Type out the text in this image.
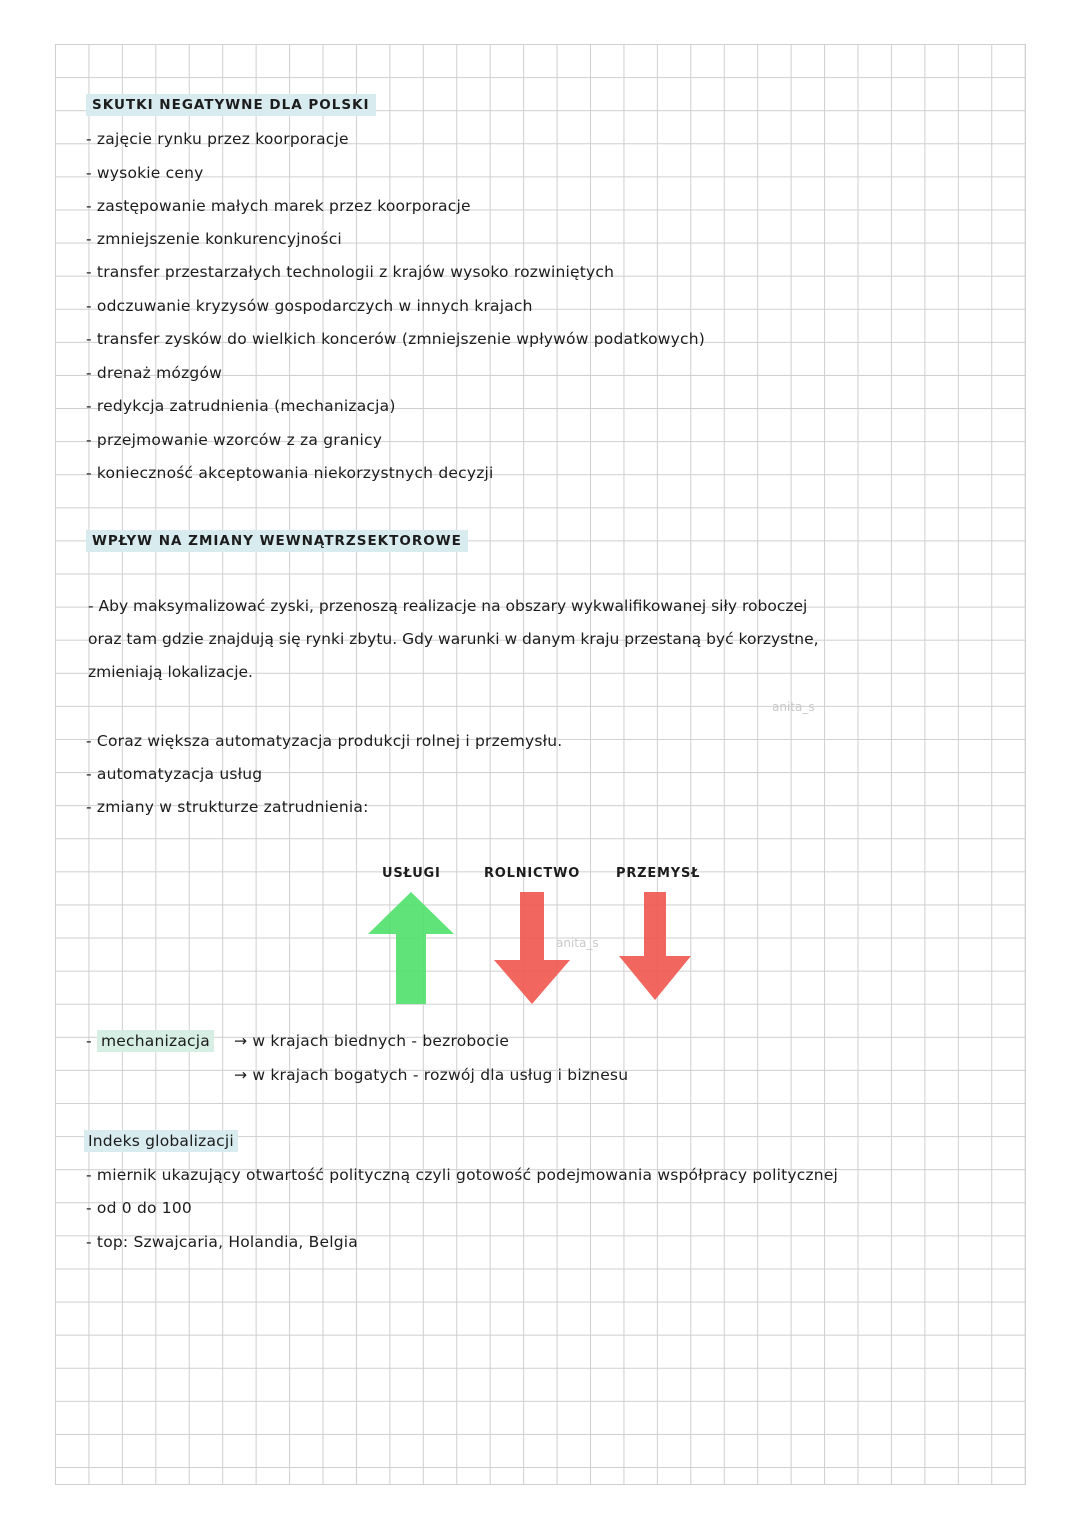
SKUTKI NEGATYWNE DLA POLSKI
- zajęcie rynku przez koorporacje
- wysokie ceny
- zastępowanie małych marek przez koorporacje
- zmniejszenie konkurencyjności
- transfer przestarzałych technologii z krajów wysoko rozwiniętych
- odczuwanie kryzysów gospodarczych w innych krajach
- transfer zysków do wielkich koncerów (zmniejszenie wpływów podatkowych)
- drenaż mózgów
- redykcja zatrudnienia (mechanizacja)
- przejmowanie wzorców z za granicy
- konieczność akceptowania niekorzystnych decyzji
WPŁYW NA ZMIANY WEWNĄTRZSEKTOROWE
- Aby maksymalizować zyski, przenoszą realizacje na obszary wykwalifikowanej siły roboczej
oraz tam gdzie znajdują się rynki zbytu. Gdy warunki w danym kraju przestaną być korzystne,
zmieniają lokalizacje.
anita_s
- Coraz większa automatyzacja produkcji rolnej i przemysłu.
- automatyzacja usług
- zmiany w strukturze zatrudnienia:
USŁUGI	ROLNICTWO	PRZEMYSŁ
anita_s
- mechanizacja → w krajach biednych - bezrobocie
→ w krajach bogatych - rozwój dla usług i biznesu
Indeks globalizacji
- miernik ukazujący otwartość polityczną czyli gotowość podejmowania współpracy politycznej
- od 0 do 100
- top: Szwajcaria, Holandia, Belgia
